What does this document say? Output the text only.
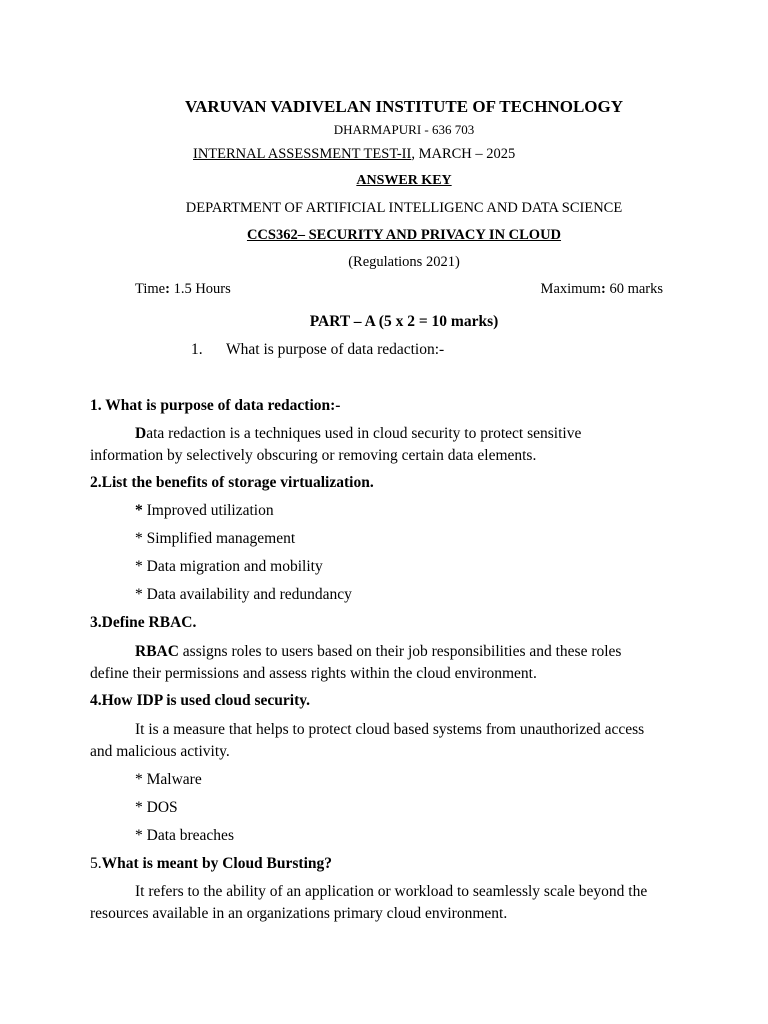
VARUVAN VADIVELAN INSTITUTE OF TECHNOLOGY
DHARMAPURI - 636 703
INTERNAL ASSESSMENT TEST-II, MARCH – 2025
ANSWER KEY
DEPARTMENT OF ARTIFICIAL INTELLIGENC AND DATA SCIENCE
CCS362– SECURITY AND PRIVACY IN CLOUD
(Regulations 2021)
Time: 1.5 Hours	Maximum: 60 marks
PART – A (5 x 2 = 10 marks)
1. What is purpose of data redaction:-
1. What is purpose of data redaction:-
Data redaction is a techniques used in cloud security to protect sensitive information by selectively obscuring or removing certain data elements.
2.List the benefits of storage virtualization.
* Improved utilization
* Simplified management
* Data migration and mobility
* Data availability and redundancy
3.Define RBAC.
RBAC assigns roles to users based on their job responsibilities and these roles define their permissions and assess rights within the cloud environment.
4.How IDP is used cloud security.
It is a measure that helps to protect cloud based systems from unauthorized access and malicious activity.
* Malware
* DOS
* Data breaches
5.What is meant by Cloud Bursting?
It refers to the ability of an application or workload to seamlessly scale beyond the resources available in an organizations primary cloud environment.
